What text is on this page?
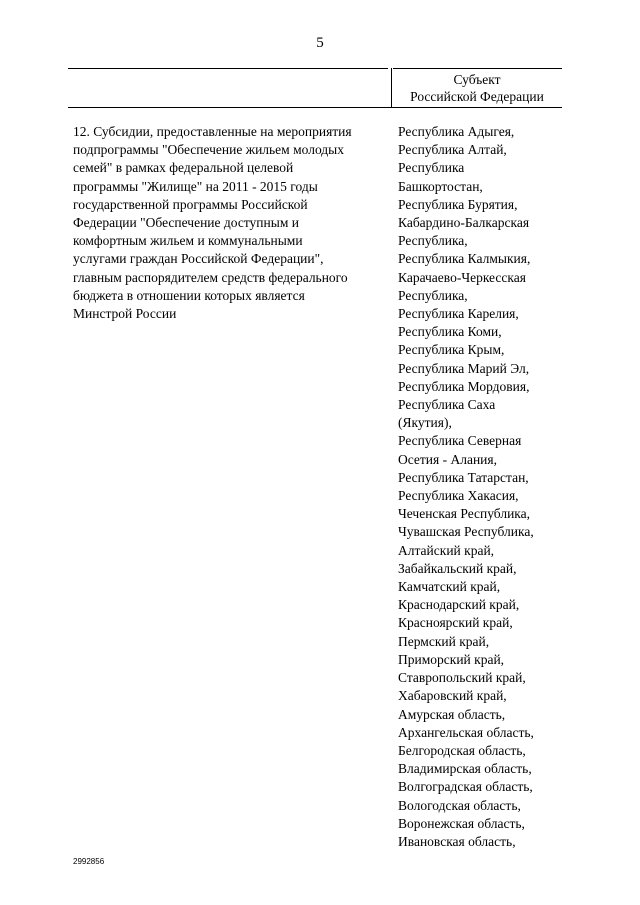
5
Субъект
Российской Федерации
12. Субсидии, предоставленные на мероприятия
подпрограммы "Обеспечение жильем молодых
семей" в рамках федеральной целевой
программы "Жилище" на 2011 - 2015 годы
государственной программы Российской
Федерации "Обеспечение доступным и
комфортным жильем и коммунальными
услугами граждан Российской Федерации",
главным распорядителем средств федерального
бюджета в отношении которых является
Минстрой России
Республика Адыгея,
Республика Алтай,
Республика
Башкортостан,
Республика Бурятия,
Кабардино-Балкарская
Республика,
Республика Калмыкия,
Карачаево-Черкесская
Республика,
Республика Карелия,
Республика Коми,
Республика Крым,
Республика Марий Эл,
Республика Мордовия,
Республика Саха
(Якутия),
Республика Северная
Осетия - Алания,
Республика Татарстан,
Республика Хакасия,
Чеченская Республика,
Чувашская Республика,
Алтайский край,
Забайкальский край,
Камчатский край,
Краснодарский край,
Красноярский край,
Пермский край,
Приморский край,
Ставропольский край,
Хабаровский край,
Амурская область,
Архангельская область,
Белгородская область,
Владимирская область,
Волгоградская область,
Вологодская область,
Воронежская область,
Ивановская область,
2992856
